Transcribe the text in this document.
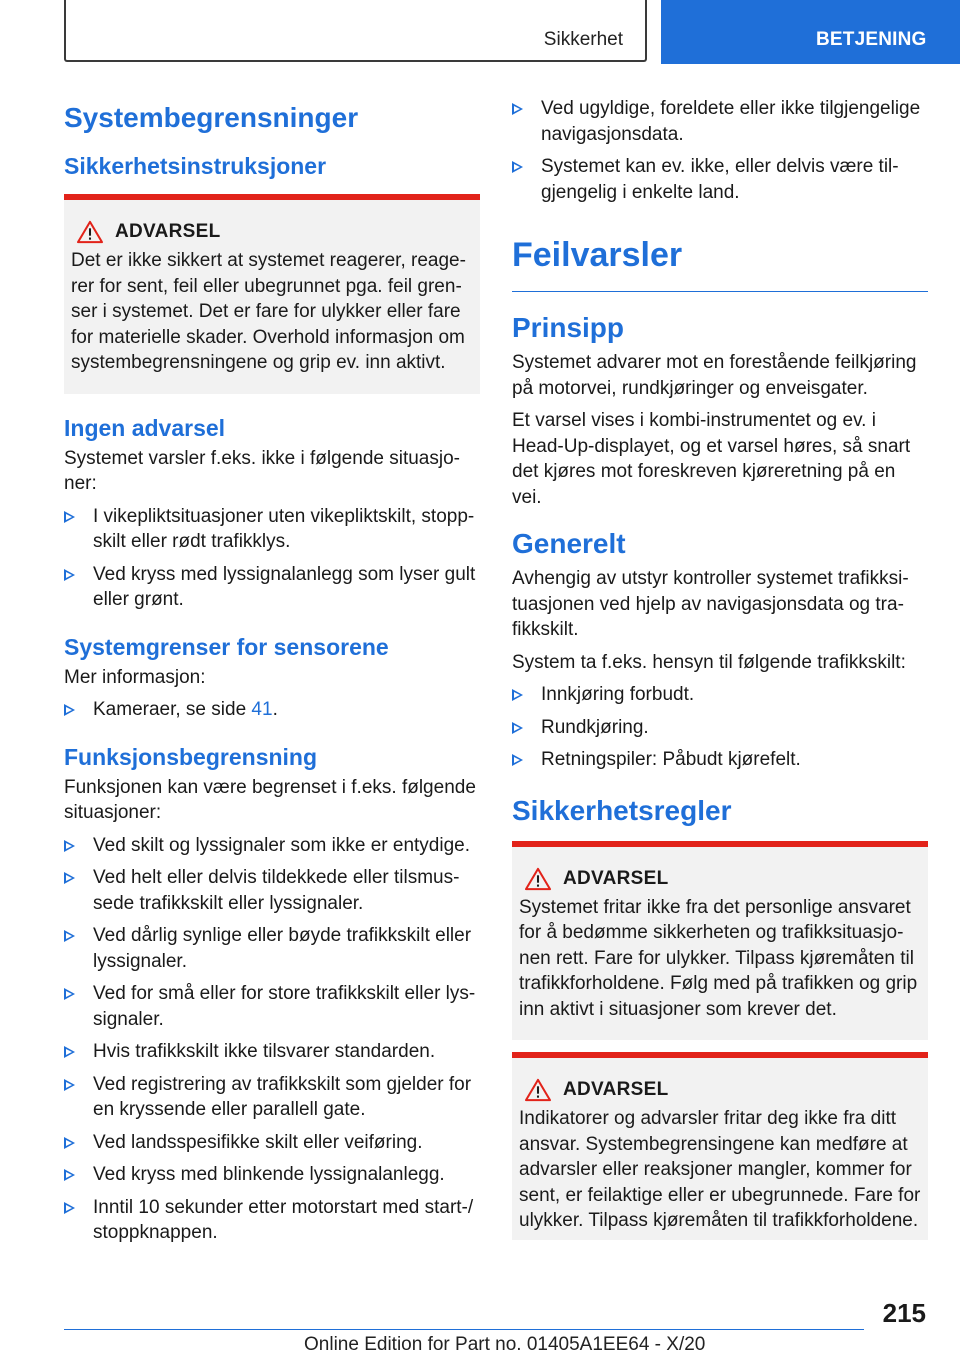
Sikkerhet	BETJENING
Systembegrensninger
Sikkerhetsinstruksjoner
ADVARSEL

Det er ikke sikkert at systemet reagerer, reagerer for sent, feil eller ubegrunnet pga. feil grenser i systemet. Det er fare for ulykker eller fare for materielle skader. Overhold informasjon om systembegrensningene og grip ev. inn aktivt.

Ingen advarsel

Systemet varsler f.eks. ikke i følgende situasjoner:

I vikepliktsituasjoner uten vikepliktskilt, stoppskilt eller rødt trafikklys.
Ved kryss med lyssignalanlegg som lyser gult eller grønt.
Systemgrenser for sensorene

Mer informasjon:

Kameraer, se side 41.
Funksjonsbegrensning

Funksjonen kan være begrenset i f.eks. følgende situasjoner:

Ved skilt og lyssignaler som ikke er entydige.
Ved helt eller delvis tildekkede eller tilsmussede trafikkskilt eller lyssignaler.
Ved dårlig synlige eller bøyde trafikkskilt eller lyssignaler.
Ved for små eller for store trafikkskilt eller lyssignaler.
Hvis trafikkskilt ikke tilsvarer standarden.
Ved registrering av trafikkskilt som gjelder for en kryssende eller parallell gate.
Ved landsspesifikke skilt eller veiføring.
Ved kryss med blinkende lyssignalanlegg.
Inntil 10 sekunder etter motorstart med start-/ stoppknappen.
Ved ugyldige, foreldete eller ikke tilgjengelige navigasjonsdata.
Systemet kan ev. ikke, eller delvis være tilgjengelig i enkelte land.
Feilvarsler
Prinsipp

Systemet advarer mot en forestående feilkjøring på motorvei, rundkjøringer og enveisgater.

Et varsel vises i kombi-instrumentet og ev. i Head-Up-displayet, og et varsel høres, så snart det kjøres mot foreskreven kjøreretning på en vei.

Generelt

Avhengig av utstyr kontroller systemet trafikksituasjonen ved hjelp av navigasjonsdata og trafikkskilt.

System ta f.eks. hensyn til følgende trafikkskilt:

Innkjøring forbudt.
Rundkjøring.
Retningspiler: Påbudt kjørefelt.
Sikkerhetsregler
ADVARSEL

Systemet fritar ikke fra det personlige ansvaret for å bedømme sikkerheten og trafikksituasjonen rett. Fare for ulykker. Tilpass kjøremåten til trafikkforholdene. Følg med på trafikken og grip inn aktivt i situasjoner som krever det.

ADVARSEL

Indikatorer og advarsler fritar deg ikke fra ditt ansvar. Systembegrensingene kan medføre at advarsler eller reaksjoner mangler, kommer for sent, er feilaktige eller er ubegrunnede. Fare for ulykker. Tilpass kjøremåten til trafikkforholdene.

215
Online Edition for Part no. 01405A1EE64 - X/20
